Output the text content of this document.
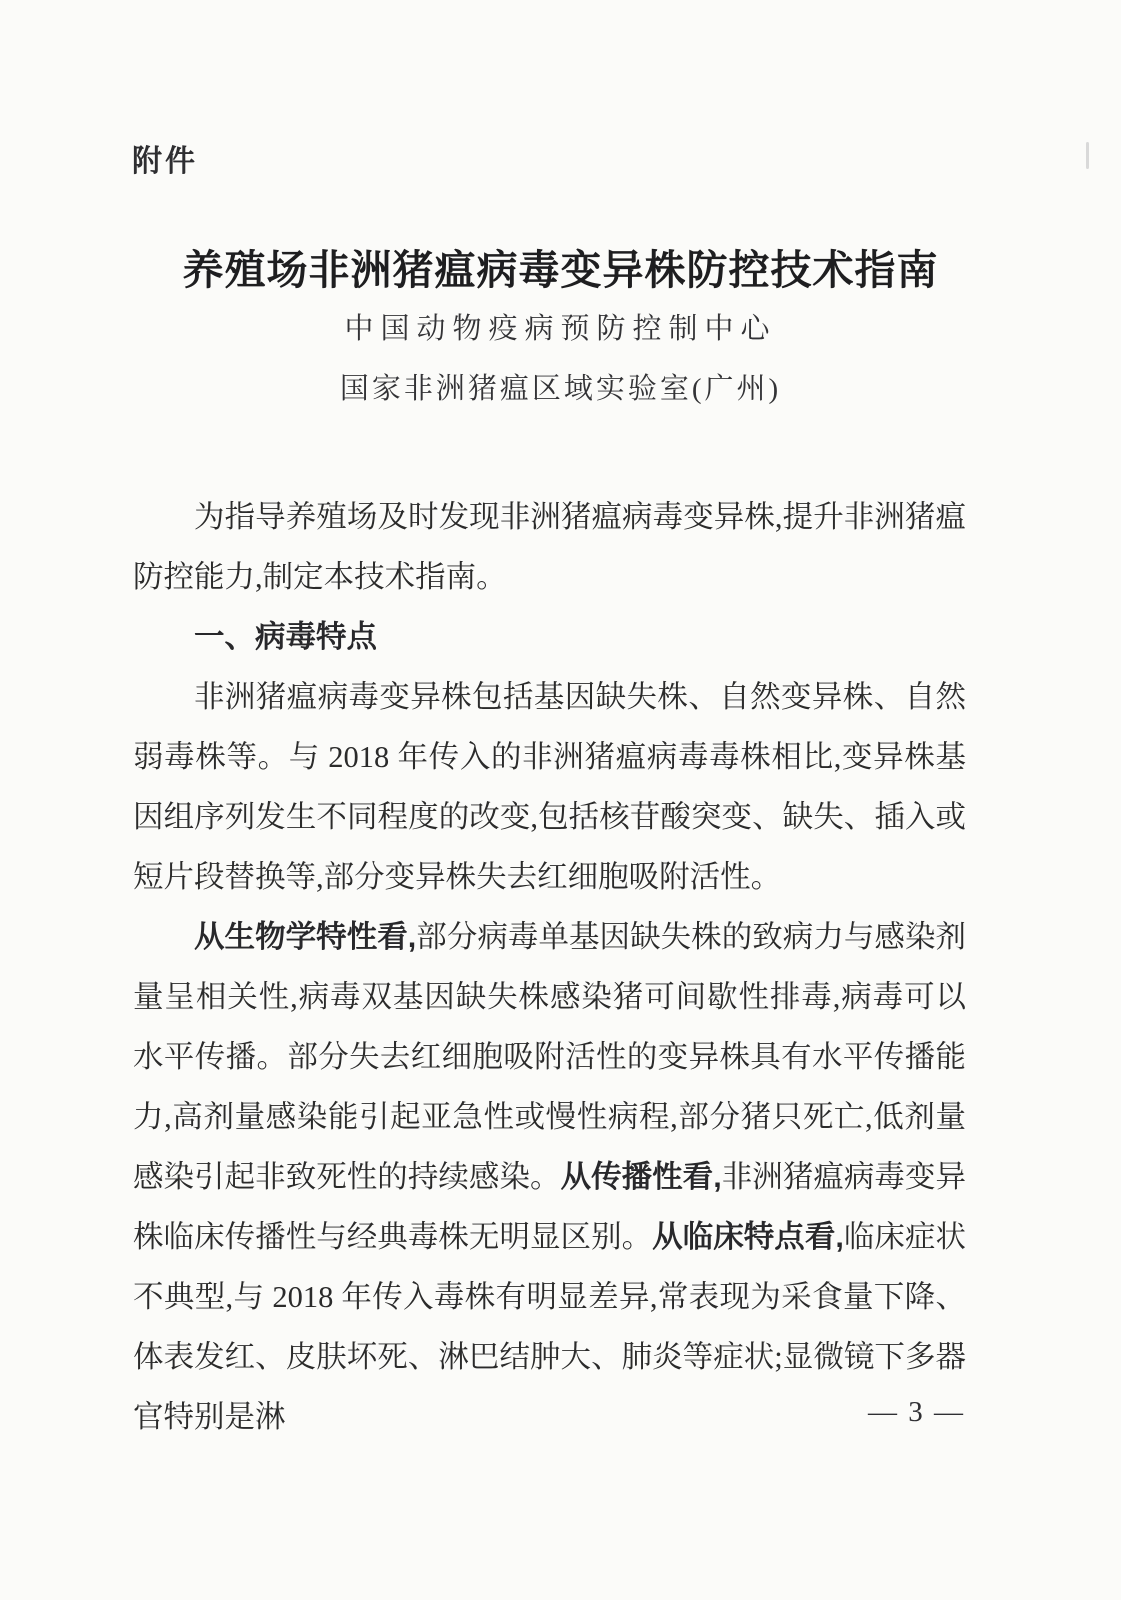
附件
养殖场非洲猪瘟病毒变异株防控技术指南
中国动物疫病预防控制中心
国家非洲猪瘟区域实验室(广州)

为指导养殖场及时发现非洲猪瘟病毒变异株,提升非洲猪瘟防控能力,制定本技术指南。

一、病毒特点

非洲猪瘟病毒变异株包括基因缺失株、自然变异株、自然弱毒株等。与 2018 年传入的非洲猪瘟病毒毒株相比,变异株基因组序列发生不同程度的改变,包括核苷酸突变、缺失、插入或短片段替换等,部分变异株失去红细胞吸附活性。

从生物学特性看,部分病毒单基因缺失株的致病力与感染剂量呈相关性,病毒双基因缺失株感染猪可间歇性排毒,病毒可以水平传播。部分失去红细胞吸附活性的变异株具有水平传播能力,高剂量感染能引起亚急性或慢性病程,部分猪只死亡,低剂量感染引起非致死性的持续感染。从传播性看,非洲猪瘟病毒变异株临床传播性与经典毒株无明显区别。从临床特点看,临床症状不典型,与 2018 年传入毒株有明显差异,常表现为采食量下降、体表发红、皮肤坏死、淋巴结肿大、肺炎等症状;显微镜下多器官特别是淋	— 3 —
